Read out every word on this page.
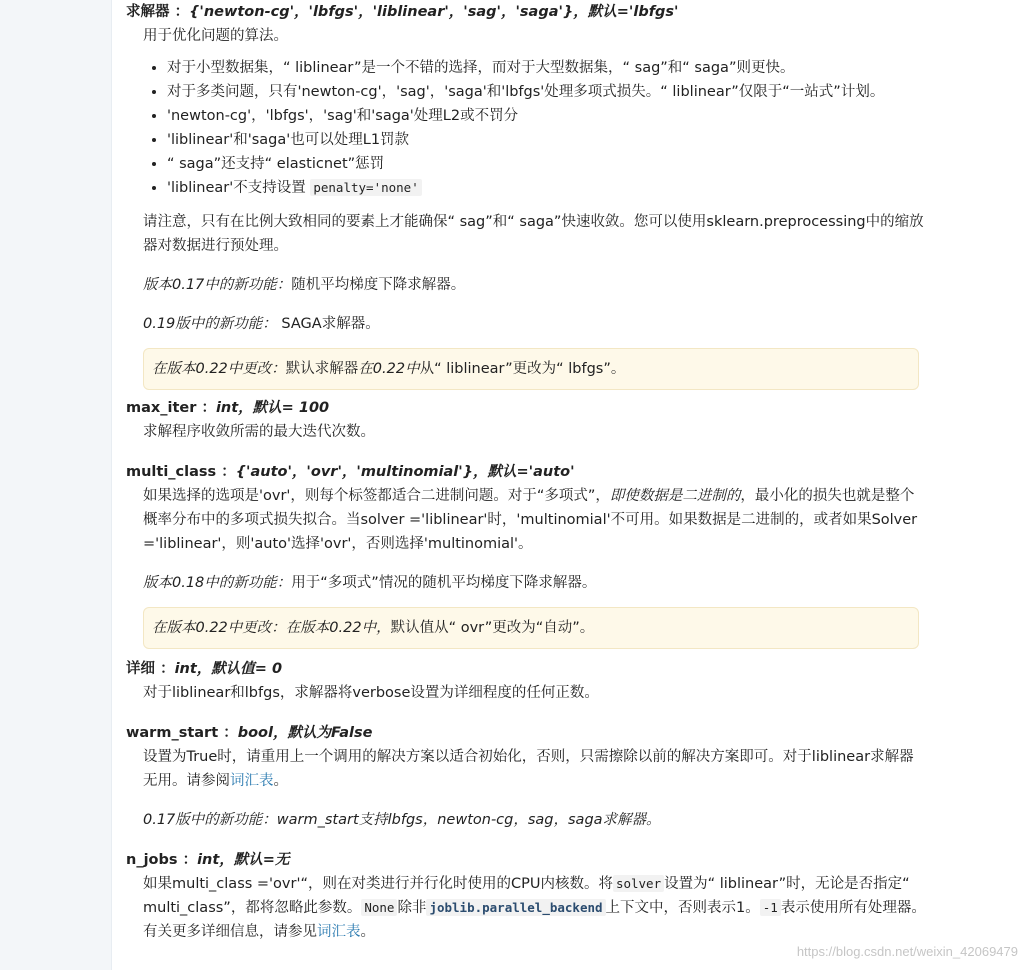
求解器 ：{'newton-cg'，'lbfgs'，'liblinear'，'sag'，'saga'}，默认='lbfgs'

用于优化问题的算法。

• 对于小型数据集，“ liblinear”是一个不错的选择，而对于大型数据集，“ sag”和“ saga”则更快。
• 对于多类问题，只有'newton-cg'，'sag'，'saga'和'lbfgs'处理多项式损失。“ liblinear”仅限于“一站式”计划。
• 'newton-cg'，'lbfgs'，'sag'和'saga'处理L2或不罚分
• 'liblinear'和'saga'也可以处理L1罚款
• “ saga”还支持“ elasticnet”惩罚
• 'liblinear'不支持设置 penalty='none'

请注意，只有在比例大致相同的要素上才能确保“ sag”和“ saga”快速收敛。您可以使用sklearn.preprocessing中的缩放器对数据进行预处理。

版本0.17中的新功能：随机平均梯度下降求解器。

0.19版中的新功能： SAGA求解器。

在版本0.22中更改：默认求解器在0.22中从“ liblinear”更改为“ lbfgs”。
max_iter ：int，默认= 100

求解程序收敛所需的最大迭代次数。

multi_class ：{'auto'，'ovr'，'multinomial'}，默认='auto'

如果选择的选项是'ovr'，则每个标签都适合二进制问题。对于“多项式”，即使数据是二进制的，最小化的损失也就是整个概率分布中的多项式损失拟合。当solver ='liblinear'时，'multinomial'不可用。如果数据是二进制的，或者如果Solver ='liblinear'，则'auto'选择'ovr'，否则选择'multinomial'。

版本0.18中的新功能：用于“多项式”情况的随机平均梯度下降求解器。

在版本0.22中更改：在版本0.22中，默认值从“ ovr”更改为“自动”。
详细 ：int，默认值= 0

对于liblinear和lbfgs，求解器将verbose设置为详细程度的任何正数。

warm_start ：bool，默认为False

设置为True时，请重用上一个调用的解决方案以适合初始化，否则，只需擦除以前的解决方案即可。对于liblinear求解器无用。请参阅词汇表。

0.17版中的新功能：warm_start支持lbfgs，newton-cg，sag，saga求解器。

n_jobs ：int，默认=无

如果multi_class ='ovr'“，则在对类进行并行化时使用的CPU内核数。将 solver 设置为“ liblinear”时，无论是否指定“ multi_class”，都将忽略此参数。 None 除非 joblib.parallel_backend 上下文中，否则表示1。 -1 表示使用所有处理器。有关更多详细信息，请参见词汇表。

https://blog.csdn.net/weixin_42069479
